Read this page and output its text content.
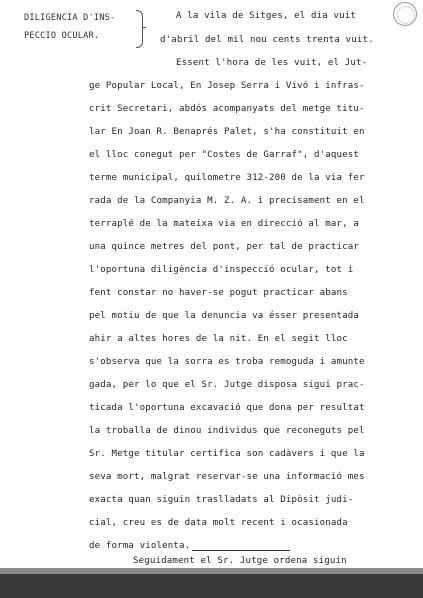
DILIGENCIA D'INS-
PECCIO OCULAR.
A la vila de Sitges, el dia vuit
d'abril del mil nou cents trenta vuit.
Essent l'hora de les vuit, el Jut-
ge Popular Local, En Josep Serra i Vivó i infras-
crit Secretari, abdós acompanyats del metge titu-
lar En Joan R. Benaprés Palet, s'ha constituit en
el lloc conegut per "Costes de Garraf", d'aquest
terme municipal, quilometre 312-200 de la via fer
rada de la Companyia M. Z. A. i precisament en el
terraplé de la mateixa via en direcció al mar, a
una quince metres del pont, per tal de practicar
l'oportuna diligència d'inspecció ocular, tot i
fent constar no haver-se pogut practicar abans
pel motiu de que la denuncia va ésser presentada
ahir a altes hores de la nit. En el segit lloc
s'observa que la sorra es troba remoguda i amunte
gada, per lo que el Sr. Jutge disposa sigui prac-
ticada l'oportuna excavació que dona per resultat
la troballa de dinou individus que reconeguts pel
Sr. Metge titular certifica son cadàvers i que la
seva mort, malgrat reservar-se una informació mes
exacta quan siguin traslladats al Dipòsit judi-
cial, creu es de data molt recent i ocasionada
de forma violenta.
Seguidament el Sr. Jutge ordena siguin
